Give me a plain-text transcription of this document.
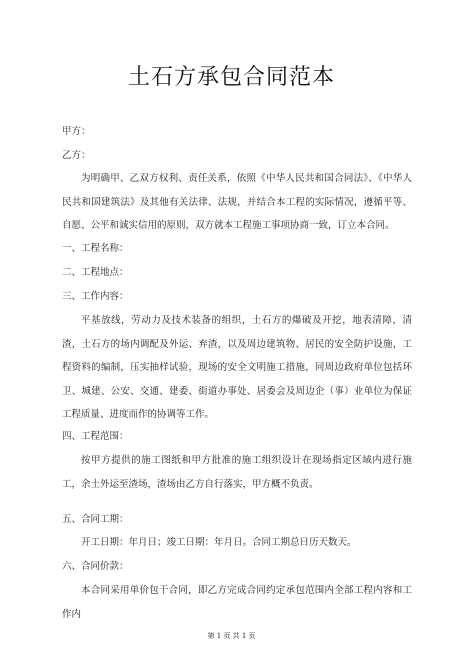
土石方承包合同范本

甲方：

乙方：

为明确甲、乙双方权利、责任关系，依照《中华人民共和国合同法》、《中华人民共和国建筑法》及其他有关法律、法规，并结合本工程的实际情况，遵循平等、自愿、公平和诚实信用的原则，双方就本工程施工事项协商一致，订立本合同。

一、工程名称：

二、工程地点：

三、工作内容：

平基放线，劳动力及技术装备的组织，土石方的爆破及开挖，地表清障，清渣，土石方的场内调配及外运、弃渣，以及周边建筑物、居民的安全防护设施，工程资料的编制，压实抽样试验，现场的安全文明施工措施，同周边政府单位包括环卫、城建、公安、交通、建委、街道办事处、居委会及周边企（事）业单位为保证工程质量、进度而作的协调等工作。

四、工程范围：

按甲方提供的施工图纸和甲方批准的施工组织设计在现场指定区域内进行施工，余土外运至渣场，渣场由乙方自行落实，甲方概不负责。

五、合同工期：

开工日期：年月日；竣工日期：年月日。合同工期总日历天数天。

六、合同价款：

本合同采用单价包干合同，即乙方完成合同约定承包范围内全部工程内容和工作内

第 1 页 共 1 页
